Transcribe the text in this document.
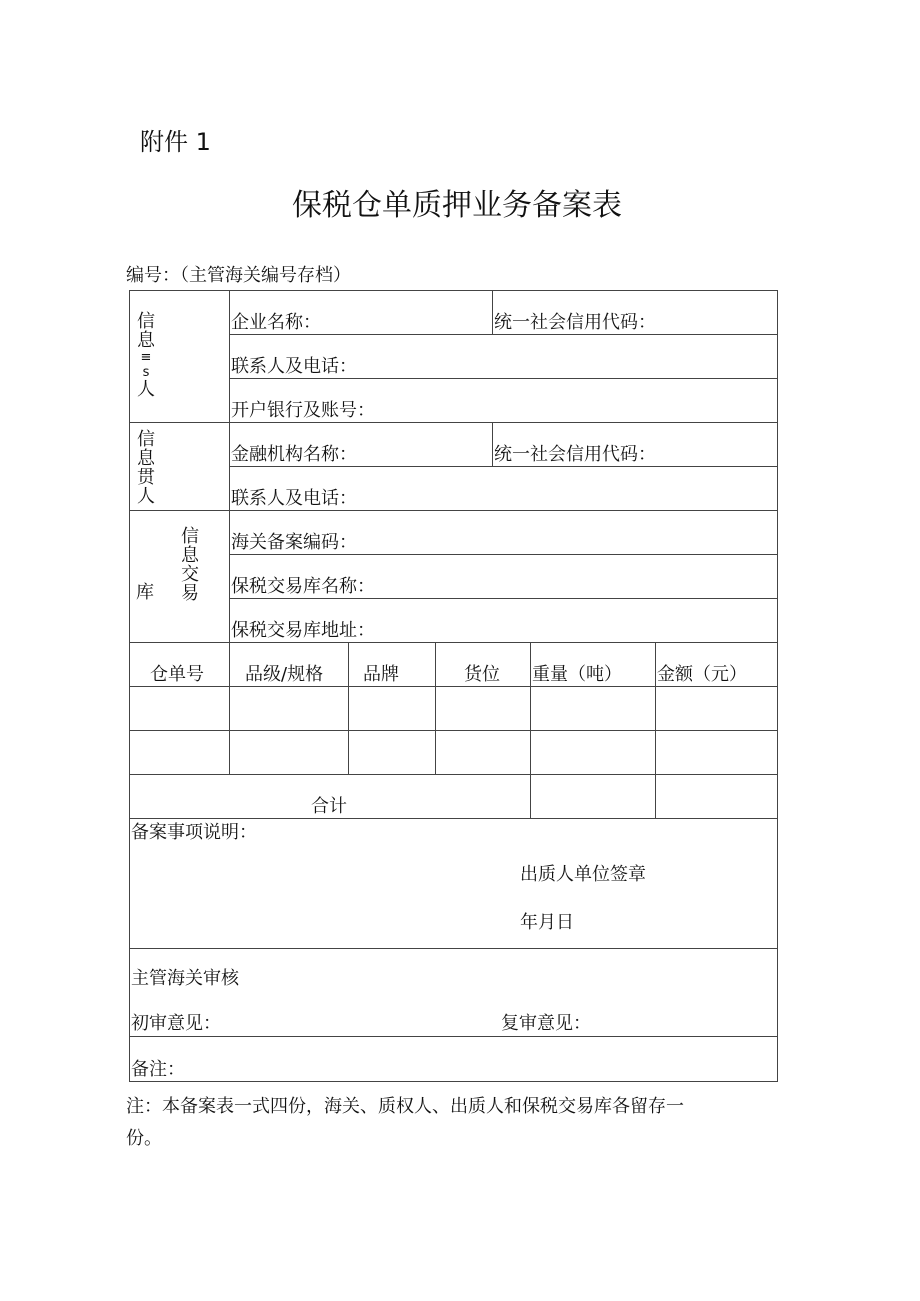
附件 1
保税仓单质押业务备案表
编号：（主管海关编号存档）
信
息
≡
s
人
企业名称：	统一社会信用代码：
联系人及电话：
开户银行及账号：
信
息
贯
人
金融机构名称：	统一社会信用代码：
联系人及电话：
信
息
交
易
库
海关备案编码：
保税交易库名称：
保税交易库地址：
仓单号 品级/规格 品牌	货位 重量（吨） 金额（元）
合计
备案事项说明：
出质人单位签章
年月日
主管海关审核
初审意见：	复审意见：
备注：
注：本备案表一式四份，海关、质权人、出质人和保税交易库各留存一
份。
